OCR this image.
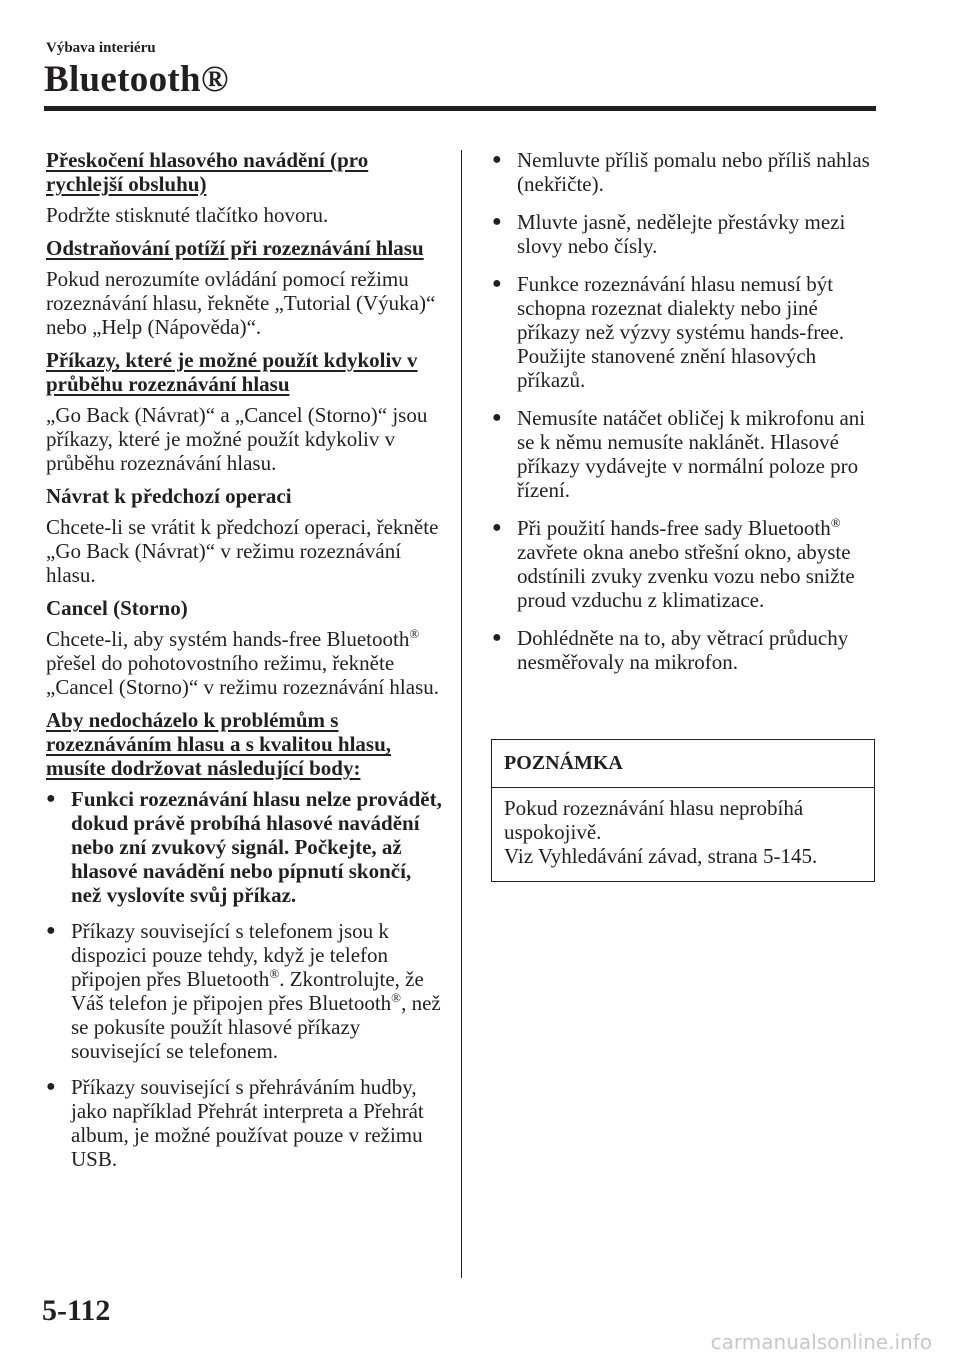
Výbava interiéru
Bluetooth®
Přeskočení hlasového navádění (pro rychlejší obsluhu)
Podržte stisknuté tlačítko hovoru.
Odstraňování potíží při rozeznávání hlasu
Pokud nerozumíte ovládání pomocí režimu rozeznávání hlasu, řekněte „Tutorial (Výuka)“ nebo „Help (Nápověda)“.
Příkazy, které je možné použít kdykoliv v průběhu rozeznávání hlasu
„Go Back (Návrat)“ a „Cancel (Storno)“ jsou příkazy, které je možné použít kdykoliv v průběhu rozeznávání hlasu.
Návrat k předchozí operaci
Chcete-li se vrátit k předchozí operaci, řekněte „Go Back (Návrat)“ v režimu rozeznávání hlasu.
Cancel (Storno)
Chcete-li, aby systém hands-free Bluetooth® přešel do pohotovostního režimu, řekněte „Cancel (Storno)“ v režimu rozeznávání hlasu.
Aby nedocházelo k problémům s rozeznáváním hlasu a s kvalitou hlasu, musíte dodržovat následující body:
● Funkci rozeznávání hlasu nelze provádět, dokud právě probíhá hlasové navádění nebo zní zvukový signál. Počkejte, až hlasové navádění nebo pípnutí skončí, než vyslovíte svůj příkaz.
● Příkazy související s telefonem jsou k dispozici pouze tehdy, když je telefon připojen přes Bluetooth®. Zkontrolujte, že Váš telefon je připojen přes Bluetooth®, než se pokusíte použít hlasové příkazy související se telefonem.
● Příkazy související s přehráváním hudby, jako například Přehrát interpreta a Přehrát album, je možné používat pouze v režimu USB.
● Nemluvte příliš pomalu nebo příliš nahlas (nekřičte).
● Mluvte jasně, nedělejte přestávky mezi slovy nebo čísly.
● Funkce rozeznávání hlasu nemusí být schopna rozeznat dialekty nebo jiné příkazy než výzvy systému hands-free. Použijte stanovené znění hlasových příkazů.
● Nemusíte natáčet obličej k mikrofonu ani se k němu nemusíte naklánět. Hlasové příkazy vydávejte v normální poloze pro řízení.
● Při použití hands-free sady Bluetooth® zavřete okna anebo střešní okno, abyste odstínili zvuky zvenku vozu nebo snižte proud vzduchu z klimatizace.
● Dohlédněte na to, aby větrací průduchy nesměřovaly na mikrofon.
POZNÁMKA
Pokud rozeznávání hlasu neprobíhá uspokojivě.
Viz Vyhledávání závad, strana 5-145.
5-112
carmanualsonline.info
